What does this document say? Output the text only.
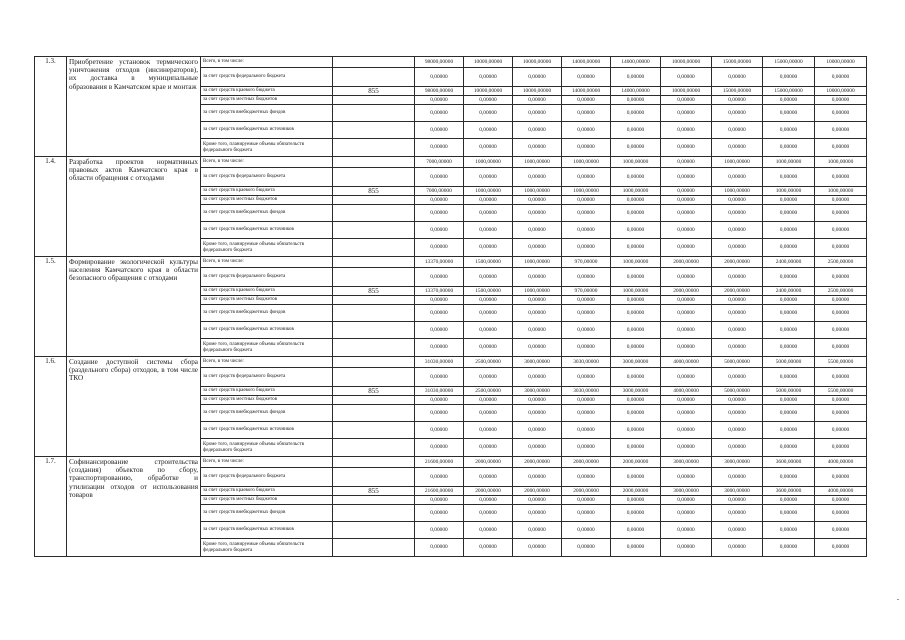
1.3.	Приобретение установок термического уничтожения отходов (инсинераторов), их доставка в муниципальные образования в Камчатском крае и монтаж	Всего, в том числе:		98000,00000	10000,00000	10000,00000	14000,00000	14000,00000	10000,00000	15000,00000	15000,00000	10000,00000
		за счет средств федерального бюджета		0,00000	0,00000	0,00000	0,00000	0,00000	0,00000	0,00000	0,00000	0,00000
		за счет средств краевого бюджета	855	98000,00000	10000,00000	10000,00000	14000,00000	14000,00000	10000,00000	15000,00000	15000,00000	10000,00000
		за счет средств местных бюджетов		0,00000	0,00000	0,00000	0,00000	0,00000	0,00000	0,00000	0,00000	0,00000
		за счет средств внебюджетных фондов		0,00000	0,00000	0,00000	0,00000	0,00000	0,00000	0,00000	0,00000	0,00000
		за счет средств внебюджетных источников		0,00000	0,00000	0,00000	0,00000	0,00000	0,00000	0,00000	0,00000	0,00000
		Кроме того, планируемые объемы обязательств федерального бюджета		0,00000	0,00000	0,00000	0,00000	0,00000	0,00000	0,00000	0,00000	0,00000
1.4.	Разработка проектов нормативных правовых актов Камчатского края в области обращения с отходами	Всего, в том числе:		7000,00000	1000,00000	1000,00000	1000,00000	1000,00000	0,00000	1000,00000	1000,00000	1000,00000
		за счет средств федерального бюджета		0,00000	0,00000	0,00000	0,00000	0,00000	0,00000	0,00000	0,00000	0,00000
		за счет средств краевого бюджета	855	7000,00000	1000,00000	1000,00000	1000,00000	1000,00000	0,00000	1000,00000	1000,00000	1000,00000
		за счет средств местных бюджетов		0,00000	0,00000	0,00000	0,00000	0,00000	0,00000	0,00000	0,00000	0,00000
		за счет средств внебюджетных фондов		0,00000	0,00000	0,00000	0,00000	0,00000	0,00000	0,00000	0,00000	0,00000
		за счет средств внебюджетных источников		0,00000	0,00000	0,00000	0,00000	0,00000	0,00000	0,00000	0,00000	0,00000
		Кроме того, планируемые объемы обязательств федерального бюджета		0,00000	0,00000	0,00000	0,00000	0,00000	0,00000	0,00000	0,00000	0,00000
1.5.	Формирование экологической культуры населения Камчатского края в области безопасного обращения с отходами	Всего, в том числе:		13370,00000	1500,00000	1000,00000	970,00000	1000,00000	2000,00000	2000,00000	2400,00000	2500,00000
		за счет средств федерального бюджета		0,00000	0,00000	0,00000	0,00000	0,00000	0,00000	0,00000	0,00000	0,00000
		за счет средств краевого бюджета	855	13370,00000	1500,00000	1000,00000	970,00000	1000,00000	2000,00000	2000,00000	2400,00000	2500,00000
		за счет средств местных бюджетов		0,00000	0,00000	0,00000	0,00000	0,00000	0,00000	0,00000	0,00000	0,00000
		за счет средств внебюджетных фондов		0,00000	0,00000	0,00000	0,00000	0,00000	0,00000	0,00000	0,00000	0,00000
		за счет средств внебюджетных источников		0,00000	0,00000	0,00000	0,00000	0,00000	0,00000	0,00000	0,00000	0,00000
		Кроме того, планируемые объемы обязательств федерального бюджета		0,00000	0,00000	0,00000	0,00000	0,00000	0,00000	0,00000	0,00000	0,00000
1.6.	Создание доступной системы сбора (раздельного сбора) отходов, в том числе ТКО	Всего, в том числе:		31030,00000	2500,00000	3000,00000	3030,00000	3000,00000	4000,00000	5000,00000	5000,00000	5500,00000
		за счет средств федерального бюджета		0,00000	0,00000	0,00000	0,00000	0,00000	0,00000	0,00000	0,00000	0,00000
		за счет средств краевого бюджета	855	31030,00000	2500,00000	3000,00000	3030,00000	3000,00000	4000,00000	5000,00000	5000,00000	5500,00000
		за счет средств местных бюджетов		0,00000	0,00000	0,00000	0,00000	0,00000	0,00000	0,00000	0,00000	0,00000
		за счет средств внебюджетных фондов		0,00000	0,00000	0,00000	0,00000	0,00000	0,00000	0,00000	0,00000	0,00000
		за счет средств внебюджетных источников		0,00000	0,00000	0,00000	0,00000	0,00000	0,00000	0,00000	0,00000	0,00000
		Кроме того, планируемые объемы обязательств федерального бюджета		0,00000	0,00000	0,00000	0,00000	0,00000	0,00000	0,00000	0,00000	0,00000
1.7.	Софинансирование строительства (создания) объектов по сбору, транспортированию, обработке и утилизации отходов от использования товаров	Всего, в том числе:		21600,00000	2000,00000	2000,00000	2000,00000	2000,00000	3000,00000	3000,00000	3600,00000	4000,00000
		за счет средств федерального бюджета		0,00000	0,00000	0,00000	0,00000	0,00000	0,00000	0,00000	0,00000	0,00000
		за счет средств краевого бюджета	855	21600,00000	2000,00000	2000,00000	2000,00000	2000,00000	3000,00000	3000,00000	3600,00000	4000,00000
		за счет средств местных бюджетов		0,00000	0,00000	0,00000	0,00000	0,00000	0,00000	0,00000	0,00000	0,00000
		за счет средств внебюджетных фондов		0,00000	0,00000	0,00000	0,00000	0,00000	0,00000	0,00000	0,00000	0,00000
		за счет средств внебюджетных источников		0,00000	0,00000	0,00000	0,00000	0,00000	0,00000	0,00000	0,00000	0,00000
		Кроме того, планируемые объемы обязательств федерального бюджета		0,00000	0,00000	0,00000	0,00000	0,00000	0,00000	0,00000	0,00000	0,00000
